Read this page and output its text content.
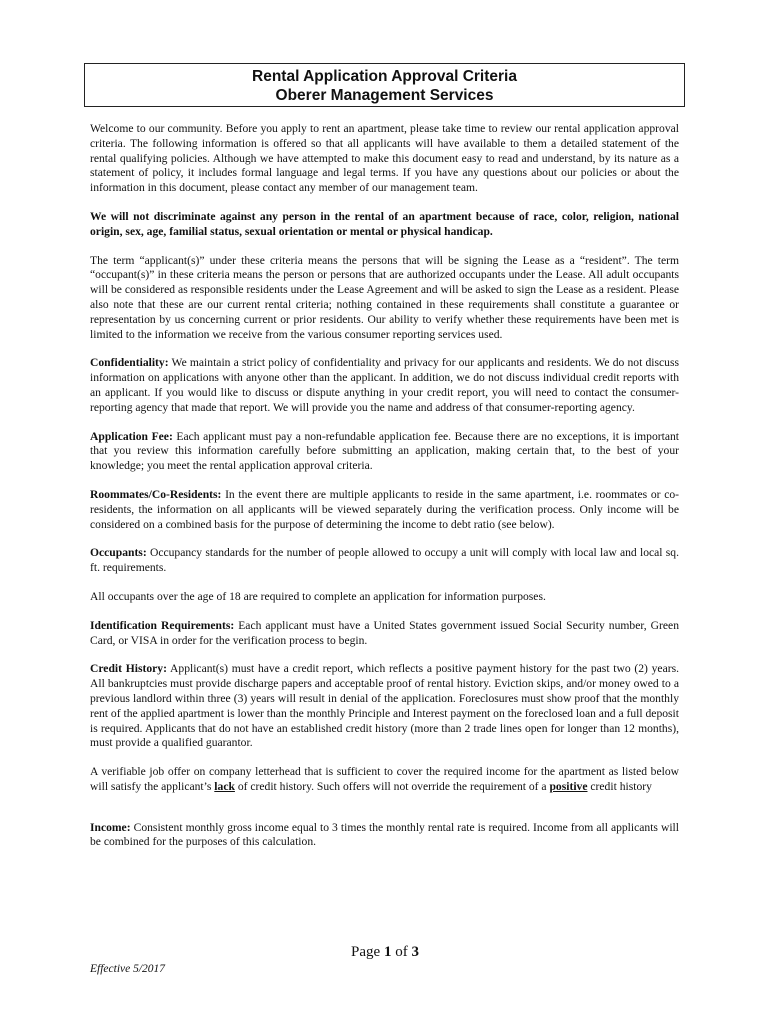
Rental Application Approval Criteria
Oberer Management Services

Welcome to our community. Before you apply to rent an apartment, please take time to review our rental application approval criteria. The following information is offered so that all applicants will have available to them a detailed statement of the rental qualifying policies. Although we have attempted to make this document easy to read and understand, by its nature as a statement of policy, it includes formal language and legal terms. If you have any questions about our policies or about the information in this document, please contact any member of our management team.

We will not discriminate against any person in the rental of an apartment because of race, color, religion, national origin, sex, age, familial status, sexual orientation or mental or physical handicap.

The term “applicant(s)” under these criteria means the persons that will be signing the Lease as a “resident”. The term “occupant(s)” in these criteria means the person or persons that are authorized occupants under the Lease. All adult occupants will be considered as responsible residents under the Lease Agreement and will be asked to sign the Lease as a resident. Please also note that these are our current rental criteria; nothing contained in these requirements shall constitute a guarantee or representation by us concerning current or prior residents. Our ability to verify whether these requirements have been met is limited to the information we receive from the various consumer reporting services used.

Confidentiality: We maintain a strict policy of confidentiality and privacy for our applicants and residents. We do not discuss information on applications with anyone other than the applicant. In addition, we do not discuss individual credit reports with an applicant. If you would like to discuss or dispute anything in your credit report, you will need to contact the consumer-reporting agency that made that report. We will provide you the name and address of that consumer-reporting agency.

Application Fee: Each applicant must pay a non-refundable application fee. Because there are no exceptions, it is important that you review this information carefully before submitting an application, making certain that, to the best of your knowledge; you meet the rental application approval criteria.

Roommates/Co-Residents: In the event there are multiple applicants to reside in the same apartment, i.e. roommates or co-residents, the information on all applicants will be viewed separately during the verification process. Only income will be considered on a combined basis for the purpose of determining the income to debt ratio (see below).

Occupants: Occupancy standards for the number of people allowed to occupy a unit will comply with local law and local sq. ft. requirements.

All occupants over the age of 18 are required to complete an application for information purposes.

Identification Requirements: Each applicant must have a United States government issued Social Security number, Green Card, or VISA in order for the verification process to begin.

Credit History: Applicant(s) must have a credit report, which reflects a positive payment history for the past two (2) years. All bankruptcies must provide discharge papers and acceptable proof of rental history. Eviction skips, and/or money owed to a previous landlord within three (3) years will result in denial of the application. Foreclosures must show proof that the monthly rent of the applied apartment is lower than the monthly Principle and Interest payment on the foreclosed loan and a full deposit is required. Applicants that do not have an established credit history (more than 2 trade lines open for longer than 12 months), must provide a qualified guarantor.

A verifiable job offer on company letterhead that is sufficient to cover the required income for the apartment as listed below will satisfy the applicant’s lack of credit history. Such offers will not override the requirement of a positive credit history

Income: Consistent monthly gross income equal to 3 times the monthly rental rate is required. Income from all applicants will be combined for the purposes of this calculation.

Page 1 of 3
Effective 5/2017
